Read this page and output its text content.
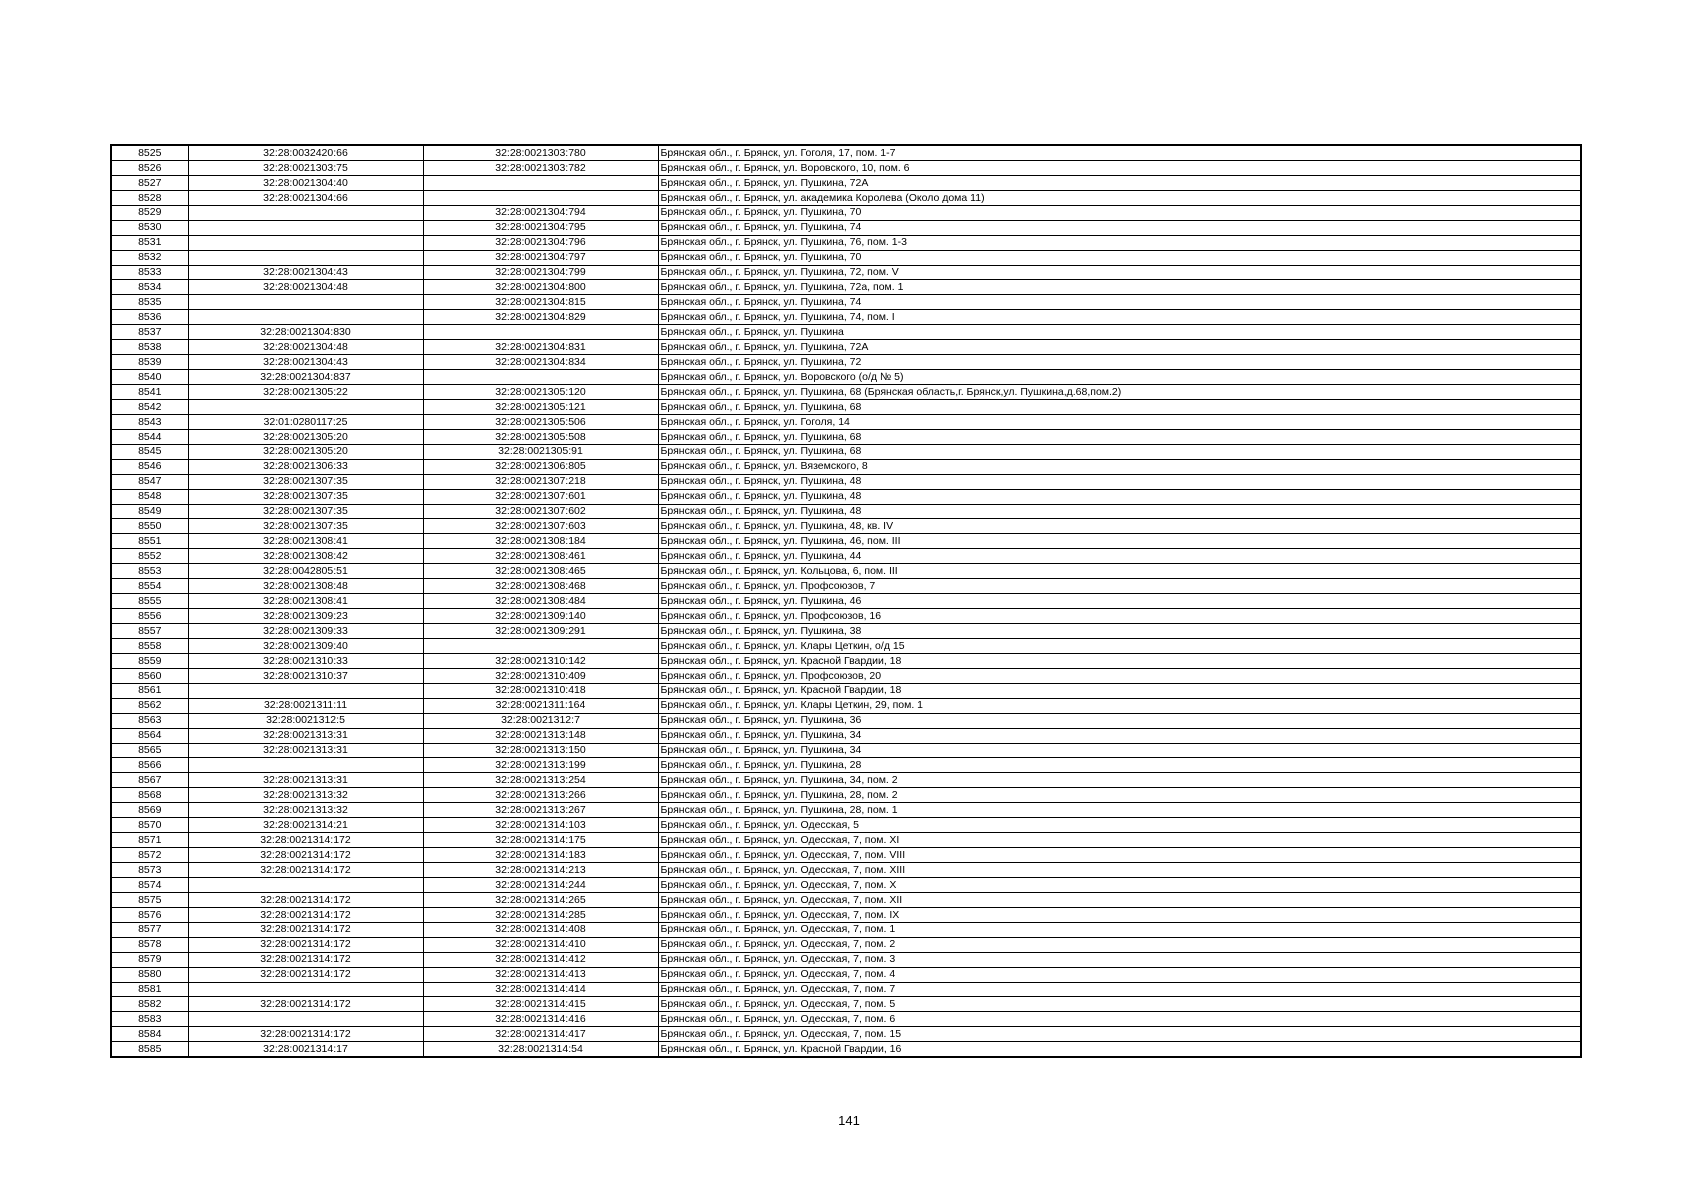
8525	32:28:0032420:66	32:28:0021303:780	Брянская обл., г. Брянск, ул. Гоголя, 17, пом. 1-7
8526	32:28:0021303:75	32:28:0021303:782	Брянская обл., г. Брянск, ул. Воровского, 10, пом. 6
8527	32:28:0021304:40		Брянская обл., г. Брянск, ул. Пушкина, 72А
8528	32:28:0021304:66		Брянская обл., г. Брянск, ул. академика Королева (Около дома 11)
8529		32:28:0021304:794	Брянская обл., г. Брянск, ул. Пушкина, 70
8530		32:28:0021304:795	Брянская обл., г. Брянск, ул. Пушкина, 74
8531		32:28:0021304:796	Брянская обл., г. Брянск, ул. Пушкина, 76, пом. 1-3
8532		32:28:0021304:797	Брянская обл., г. Брянск, ул. Пушкина, 70
8533	32:28:0021304:43	32:28:0021304:799	Брянская обл., г. Брянск, ул. Пушкина, 72, пом. V
8534	32:28:0021304:48	32:28:0021304:800	Брянская обл., г. Брянск, ул. Пушкина, 72а, пом. 1
8535		32:28:0021304:815	Брянская обл., г. Брянск, ул. Пушкина, 74
8536		32:28:0021304:829	Брянская обл., г. Брянск, ул. Пушкина, 74, пом. I
8537	32:28:0021304:830		Брянская обл., г. Брянск, ул. Пушкина
8538	32:28:0021304:48	32:28:0021304:831	Брянская обл., г. Брянск, ул. Пушкина, 72А
8539	32:28:0021304:43	32:28:0021304:834	Брянская обл., г. Брянск, ул. Пушкина, 72
8540	32:28:0021304:837		Брянская обл., г. Брянск, ул. Воровского (о/д № 5)
8541	32:28:0021305:22	32:28:0021305:120	Брянская обл., г. Брянск, ул. Пушкина, 68 (Брянская область,г. Брянск,ул. Пушкина,д.68,пом.2)
8542		32:28:0021305:121	Брянская обл., г. Брянск, ул. Пушкина, 68
8543	32:01:0280117:25	32:28:0021305:506	Брянская обл., г. Брянск, ул. Гоголя, 14
8544	32:28:0021305:20	32:28:0021305:508	Брянская обл., г. Брянск, ул. Пушкина, 68
8545	32:28:0021305:20	32:28:0021305:91	Брянская обл., г. Брянск, ул. Пушкина, 68
8546	32:28:0021306:33	32:28:0021306:805	Брянская обл., г. Брянск, ул. Вяземского, 8
8547	32:28:0021307:35	32:28:0021307:218	Брянская обл., г. Брянск, ул. Пушкина, 48
8548	32:28:0021307:35	32:28:0021307:601	Брянская обл., г. Брянск, ул. Пушкина, 48
8549	32:28:0021307:35	32:28:0021307:602	Брянская обл., г. Брянск, ул. Пушкина, 48
8550	32:28:0021307:35	32:28:0021307:603	Брянская обл., г. Брянск, ул. Пушкина, 48, кв. IV
8551	32:28:0021308:41	32:28:0021308:184	Брянская обл., г. Брянск, ул. Пушкина, 46, пом. III
8552	32:28:0021308:42	32:28:0021308:461	Брянская обл., г. Брянск, ул. Пушкина, 44
8553	32:28:0042805:51	32:28:0021308:465	Брянская обл., г. Брянск, ул. Кольцова, 6, пом. III
8554	32:28:0021308:48	32:28:0021308:468	Брянская обл., г. Брянск, ул. Профсоюзов, 7
8555	32:28:0021308:41	32:28:0021308:484	Брянская обл., г. Брянск, ул. Пушкина, 46
8556	32:28:0021309:23	32:28:0021309:140	Брянская обл., г. Брянск, ул. Профсоюзов, 16
8557	32:28:0021309:33	32:28:0021309:291	Брянская обл., г. Брянск, ул. Пушкина, 38
8558	32:28:0021309:40		Брянская обл., г. Брянск, ул. Клары Цеткин, о/д 15
8559	32:28:0021310:33	32:28:0021310:142	Брянская обл., г. Брянск, ул. Красной Гвардии, 18
8560	32:28:0021310:37	32:28:0021310:409	Брянская обл., г. Брянск, ул. Профсоюзов, 20
8561		32:28:0021310:418	Брянская обл., г. Брянск, ул. Красной Гвардии, 18
8562	32:28:0021311:11	32:28:0021311:164	Брянская обл., г. Брянск, ул. Клары Цеткин, 29, пом. 1
8563	32:28:0021312:5	32:28:0021312:7	Брянская обл., г. Брянск, ул. Пушкина, 36
8564	32:28:0021313:31	32:28:0021313:148	Брянская обл., г. Брянск, ул. Пушкина, 34
8565	32:28:0021313:31	32:28:0021313:150	Брянская обл., г. Брянск, ул. Пушкина, 34
8566		32:28:0021313:199	Брянская обл., г. Брянск, ул. Пушкина, 28
8567	32:28:0021313:31	32:28:0021313:254	Брянская обл., г. Брянск, ул. Пушкина, 34, пом. 2
8568	32:28:0021313:32	32:28:0021313:266	Брянская обл., г. Брянск, ул. Пушкина, 28, пом. 2
8569	32:28:0021313:32	32:28:0021313:267	Брянская обл., г. Брянск, ул. Пушкина, 28, пом. 1
8570	32:28:0021314:21	32:28:0021314:103	Брянская обл., г. Брянск, ул. Одесская, 5
8571	32:28:0021314:172	32:28:0021314:175	Брянская обл., г. Брянск, ул. Одесская, 7, пом. XI
8572	32:28:0021314:172	32:28:0021314:183	Брянская обл., г. Брянск, ул. Одесская, 7, пом. VIII
8573	32:28:0021314:172	32:28:0021314:213	Брянская обл., г. Брянск, ул. Одесская, 7, пом. XIII
8574		32:28:0021314:244	Брянская обл., г. Брянск, ул. Одесская, 7, пом. X
8575	32:28:0021314:172	32:28:0021314:265	Брянская обл., г. Брянск, ул. Одесская, 7, пом. XII
8576	32:28:0021314:172	32:28:0021314:285	Брянская обл., г. Брянск, ул. Одесская, 7, пом. IX
8577	32:28:0021314:172	32:28:0021314:408	Брянская обл., г. Брянск, ул. Одесская, 7, пом. 1
8578	32:28:0021314:172	32:28:0021314:410	Брянская обл., г. Брянск, ул. Одесская, 7, пом. 2
8579	32:28:0021314:172	32:28:0021314:412	Брянская обл., г. Брянск, ул. Одесская, 7, пом. 3
8580	32:28:0021314:172	32:28:0021314:413	Брянская обл., г. Брянск, ул. Одесская, 7, пом. 4
8581		32:28:0021314:414	Брянская обл., г. Брянск, ул. Одесская, 7, пом. 7
8582	32:28:0021314:172	32:28:0021314:415	Брянская обл., г. Брянск, ул. Одесская, 7, пом. 5
8583		32:28:0021314:416	Брянская обл., г. Брянск, ул. Одесская, 7, пом. 6
8584	32:28:0021314:172	32:28:0021314:417	Брянская обл., г. Брянск, ул. Одесская, 7, пом. 15
8585	32:28:0021314:17	32:28:0021314:54	Брянская обл., г. Брянск, ул. Красной Гвардии, 16
141
